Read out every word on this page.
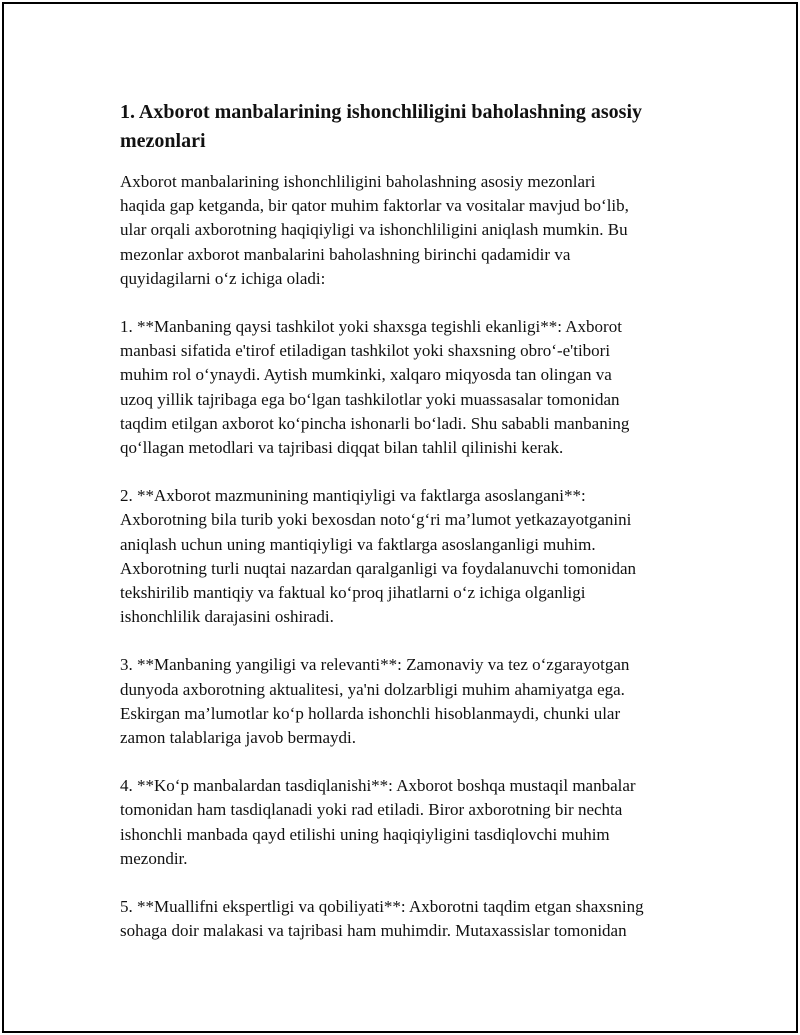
1. Axborot manbalarining ishonchliligini baholashning asosiy mezonlari

Axborot manbalarining ishonchliligini baholashning asosiy mezonlari
haqida gap ketganda, bir qator muhim faktorlar va vositalar mavjud bo‘lib,
ular orqali axborotning haqiqiyligi va ishonchliligini aniqlash mumkin. Bu
mezonlar axborot manbalarini baholashning birinchi qadamidir va
quyidagilarni o‘z ichiga oladi:

1. **Manbaning qaysi tashkilot yoki shaxsga tegishli ekanligi**: Axborot
manbasi sifatida e'tirof etiladigan tashkilot yoki shaxsning obro‘-e'tibori
muhim rol o‘ynaydi. Aytish mumkinki, xalqaro miqyosda tan olingan va
uzoq yillik tajribaga ega bo‘lgan tashkilotlar yoki muassasalar tomonidan
taqdim etilgan axborot ko‘pincha ishonarli bo‘ladi. Shu sababli manbaning
qo‘llagan metodlari va tajribasi diqqat bilan tahlil qilinishi kerak.

2. **Axborot mazmunining mantiqiyligi va faktlarga asoslangani**:
Axborotning bila turib yoki bexosdan noto‘g‘ri ma’lumot yetkazayotganini
aniqlash uchun uning mantiqiyligi va faktlarga asoslanganligi muhim.
Axborotning turli nuqtai nazardan qaralganligi va foydalanuvchi tomonidan
tekshirilib mantiqiy va faktual ko‘proq jihatlarni o‘z ichiga olganligi
ishonchlilik darajasini oshiradi.

3. **Manbaning yangiligi va relevanti**: Zamonaviy va tez o‘zgarayotgan
dunyoda axborotning aktualitesi, ya'ni dolzarbligi muhim ahamiyatga ega.
Eskirgan ma’lumotlar ko‘p hollarda ishonchli hisoblanmaydi, chunki ular
zamon talablariga javob bermaydi.

4. **Ko‘p manbalardan tasdiqlanishi**: Axborot boshqa mustaqil manbalar
tomonidan ham tasdiqlanadi yoki rad etiladi. Biror axborotning bir nechta
ishonchli manbada qayd etilishi uning haqiqiyligini tasdiqlovchi muhim
mezondir.

5. **Muallifni ekspertligi va qobiliyati**: Axborotni taqdim etgan shaxsning
sohaga doir malakasi va tajribasi ham muhimdir. Mutaxassislar tomonidan
